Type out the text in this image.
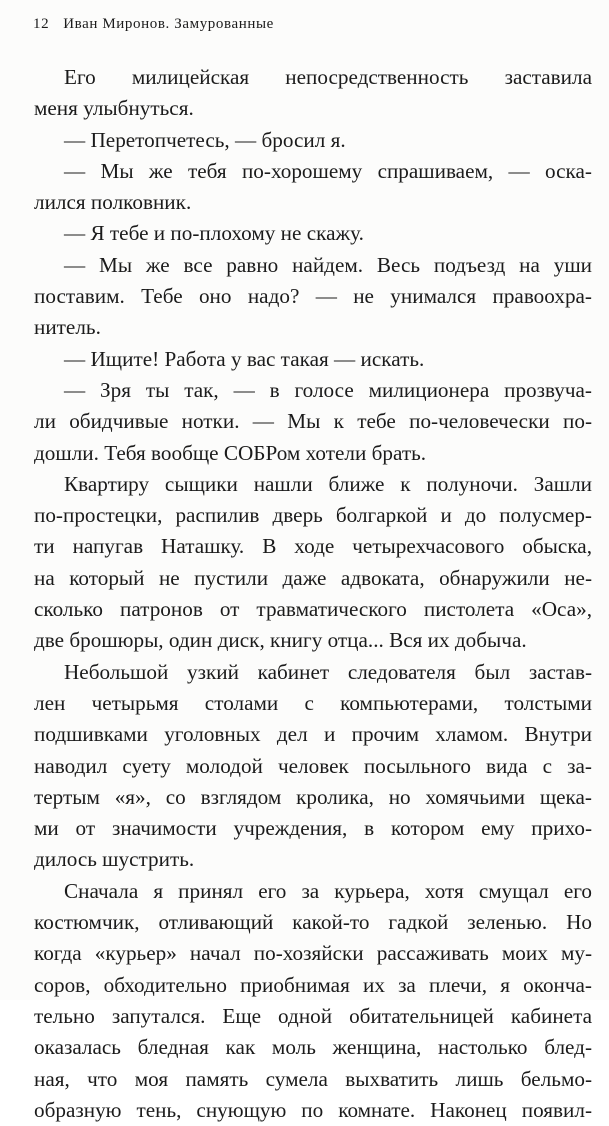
12 Иван Миронов. Замурованные
Его милицейская непосредственность заставила
меня улыбнуться.
— Перетопчетесь, — бросил я.
— Мы же тебя по-хорошему спрашиваем, — оска-
лился полковник.
— Я тебе и по-плохому не скажу.
— Мы же все равно найдем. Весь подъезд на уши
поставим. Тебе оно надо? — не унимался правоохра-
нитель.
— Ищите! Работа у вас такая — искать.
— Зря ты так, — в голосе милиционера прозвуча-
ли обидчивые нотки. — Мы к тебе по-человечески по-
дошли. Тебя вообще СОБРом хотели брать.
Квартиру сыщики нашли ближе к полуночи. Зашли
по-простецки, распилив дверь болгаркой и до полусмер-
ти напугав Наташку. В ходе четырехчасового обыска,
на который не пустили даже адвоката, обнаружили не-
сколько патронов от травматического пистолета «Оса»,
две брошюры, один диск, книгу отца... Вся их добыча.
Небольшой узкий кабинет следователя был застав-
лен четырьмя столами с компьютерами, толстыми
подшивками уголовных дел и прочим хламом. Внутри
наводил суету молодой человек посыльного вида с за-
тертым «я», со взглядом кролика, но хомячьими щека-
ми от значимости учреждения, в котором ему прихо-
дилось шустрить.
Сначала я принял его за курьера, хотя смущал его
костюмчик, отливающий какой-то гадкой зеленью. Но
когда «курьер» начал по-хозяйски рассаживать моих му-
соров, обходительно приобнимая их за плечи, я оконча-
тельно запутался. Еще одной обитательницей кабинета
оказалась бледная как моль женщина, настолько блед-
ная, что моя память сумела выхватить лишь бельмо-
образную тень, снующую по комнате. Наконец появил-
